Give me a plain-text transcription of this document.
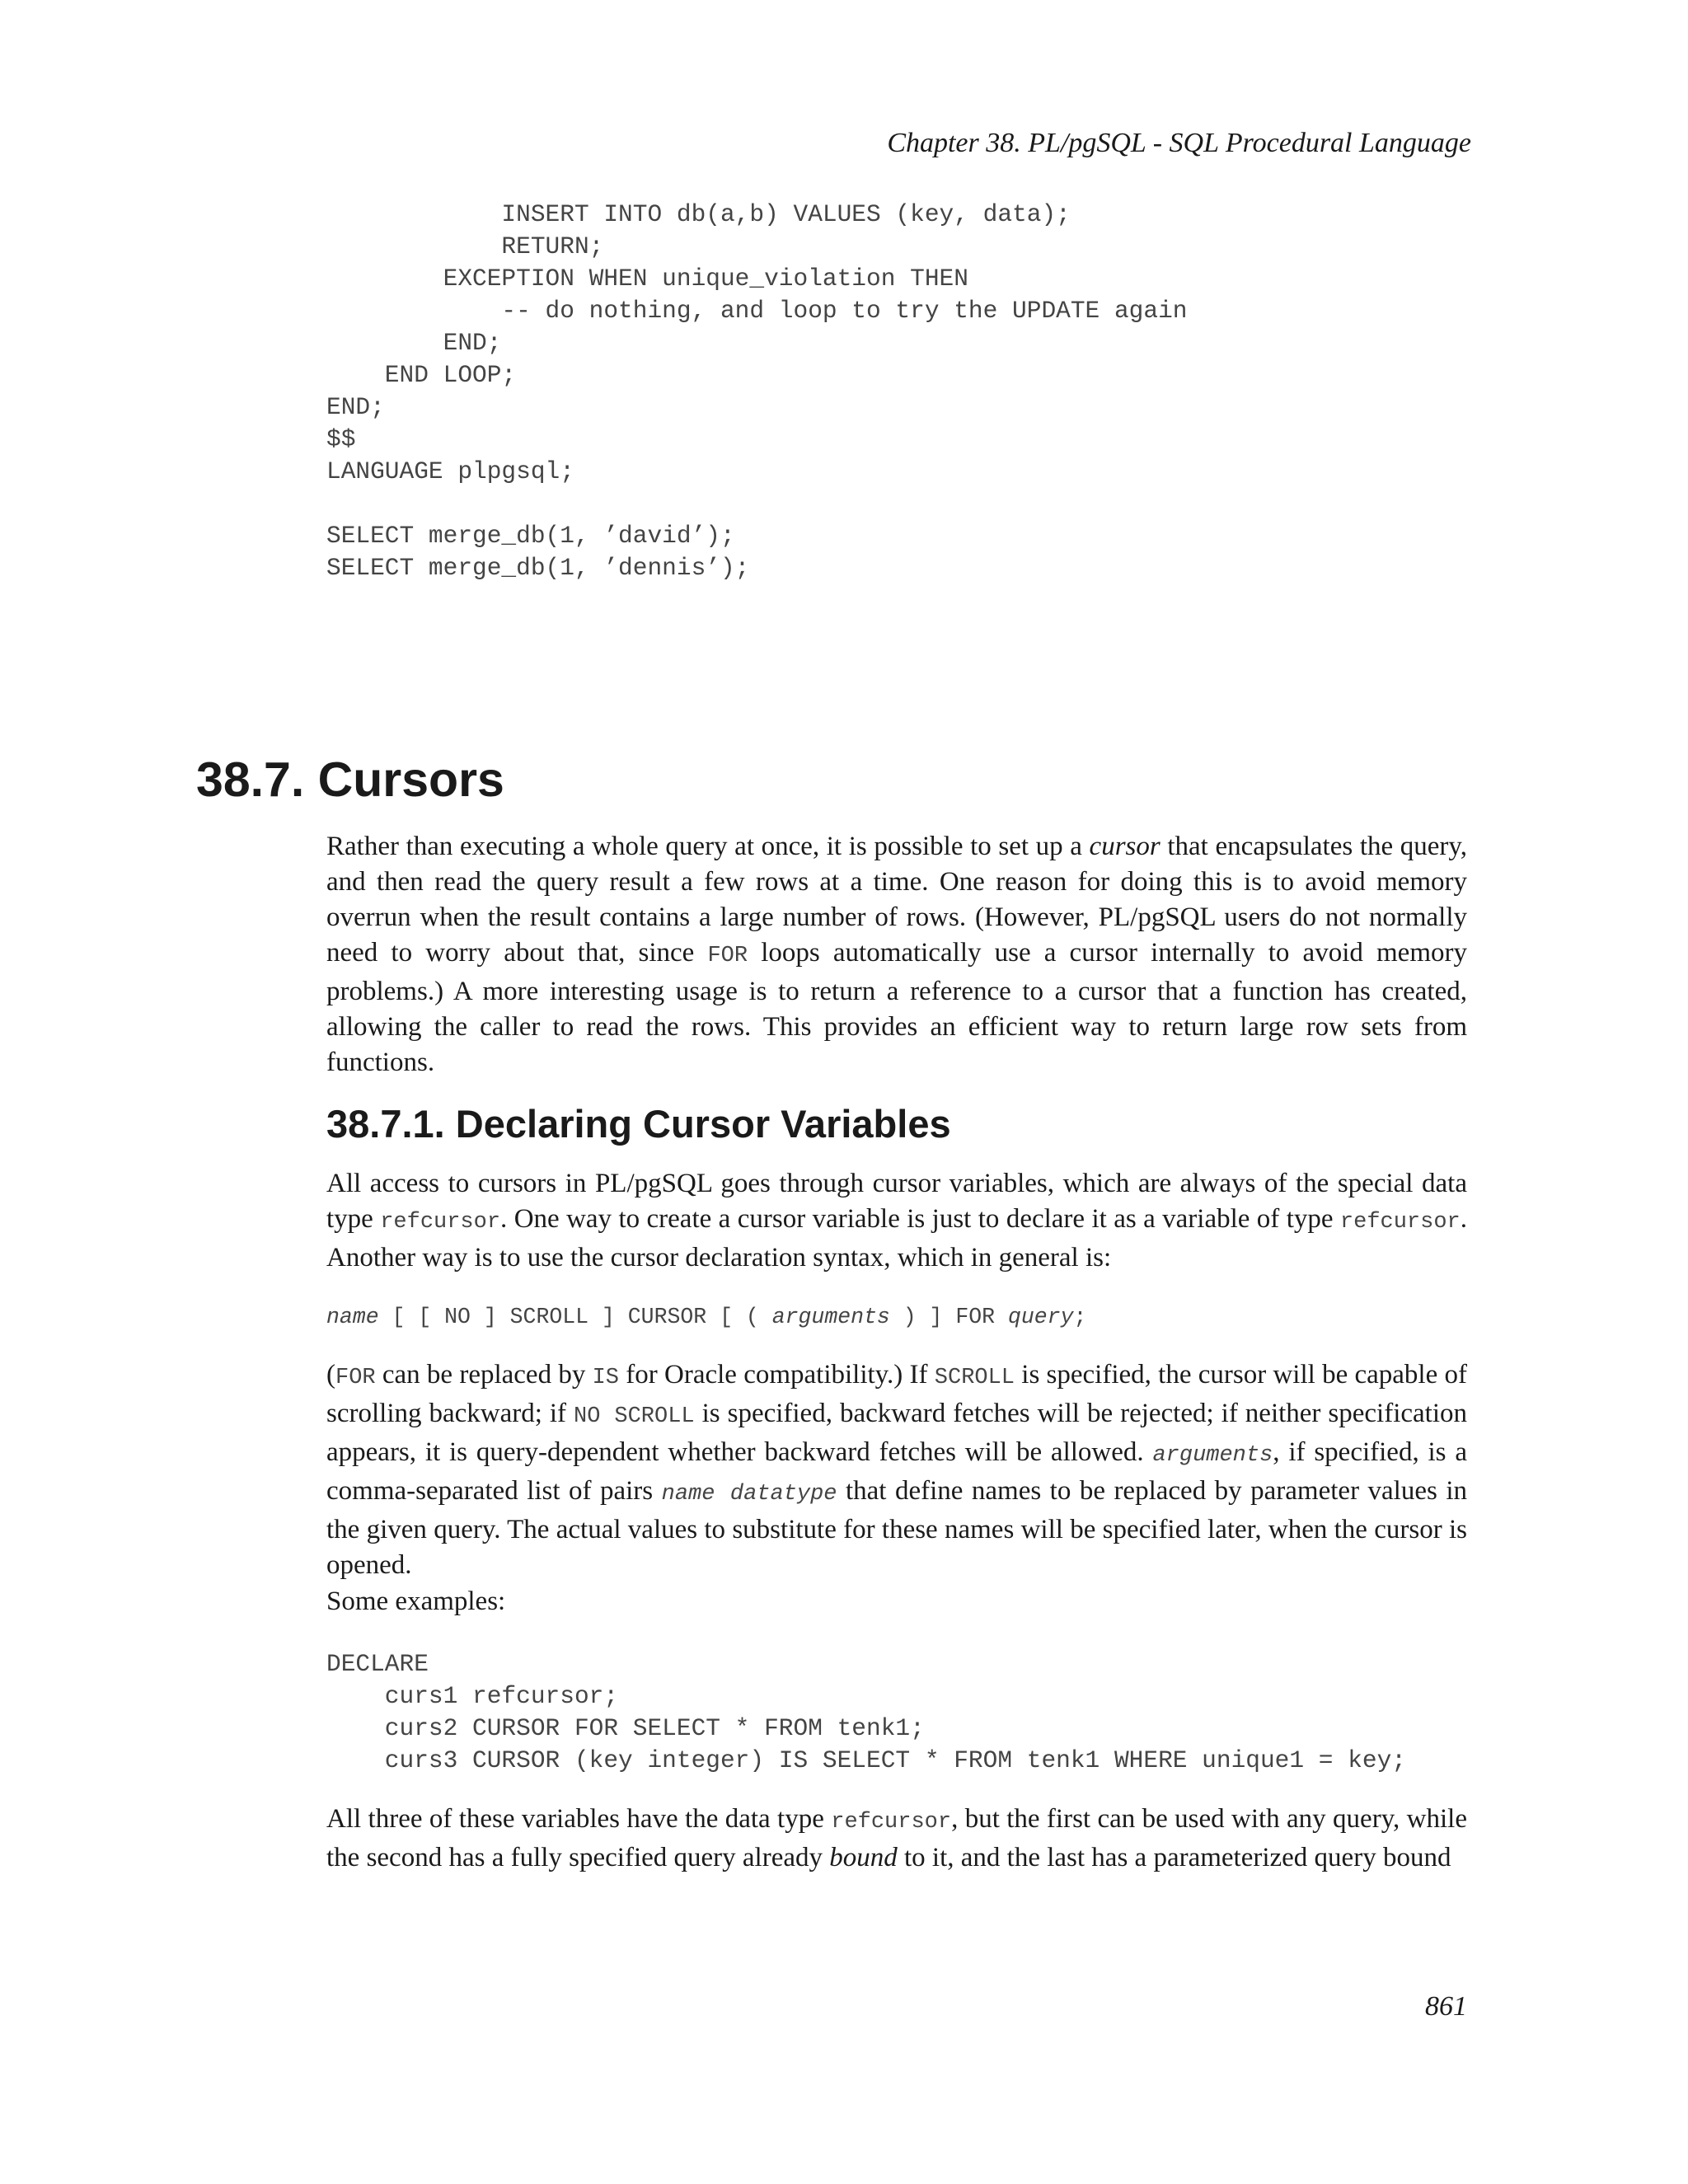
Chapter 38. PL/pgSQL - SQL Procedural Language
INSERT INTO db(a,b) VALUES (key, data);
RETURN;
EXCEPTION WHEN unique_violation THEN
-- do nothing, and loop to try the UPDATE again
END;
END LOOP;
END;
$$
LANGUAGE plpgsql;
SELECT merge_db(1, ’david’);
SELECT merge_db(1, ’dennis’);
38.7. Cursors

Rather than executing a whole query at once, it is possible to set up a cursor that encapsulates the query, and then read the query result a few rows at a time. One reason for doing this is to avoid memory overrun when the result contains a large number of rows. (However, PL/pgSQL users do not normally need to worry about that, since FOR loops automatically use a cursor internally to avoid memory problems.) A more interesting usage is to return a reference to a cursor that a function has created, allowing the caller to read the rows. This provides an efficient way to return large row sets from functions.

38.7.1. Declaring Cursor Variables

All access to cursors in PL/pgSQL goes through cursor variables, which are always of the special data type refcursor. One way to create a cursor variable is just to declare it as a variable of type refcursor. Another way is to use the cursor declaration syntax, which in general is:

name [ [ NO ] SCROLL ] CURSOR [ ( arguments ) ] FOR query;

(FOR can be replaced by IS for Oracle compatibility.) If SCROLL is specified, the cursor will be capable of scrolling backward; if NO SCROLL is specified, backward fetches will be rejected; if neither specification appears, it is query-dependent whether backward fetches will be allowed. arguments, if specified, is a comma-separated list of pairs name datatype that define names to be replaced by parameter values in the given query. The actual values to substitute for these names will be specified later, when the cursor is opened.

Some examples:

DECLARE
curs1 refcursor;
curs2 CURSOR FOR SELECT * FROM tenk1;
curs3 CURSOR (key integer) IS SELECT * FROM tenk1 WHERE unique1 = key;

All three of these variables have the data type refcursor, but the first can be used with any query, while the second has a fully specified query already bound to it, and the last has a parameterized query bound

861
